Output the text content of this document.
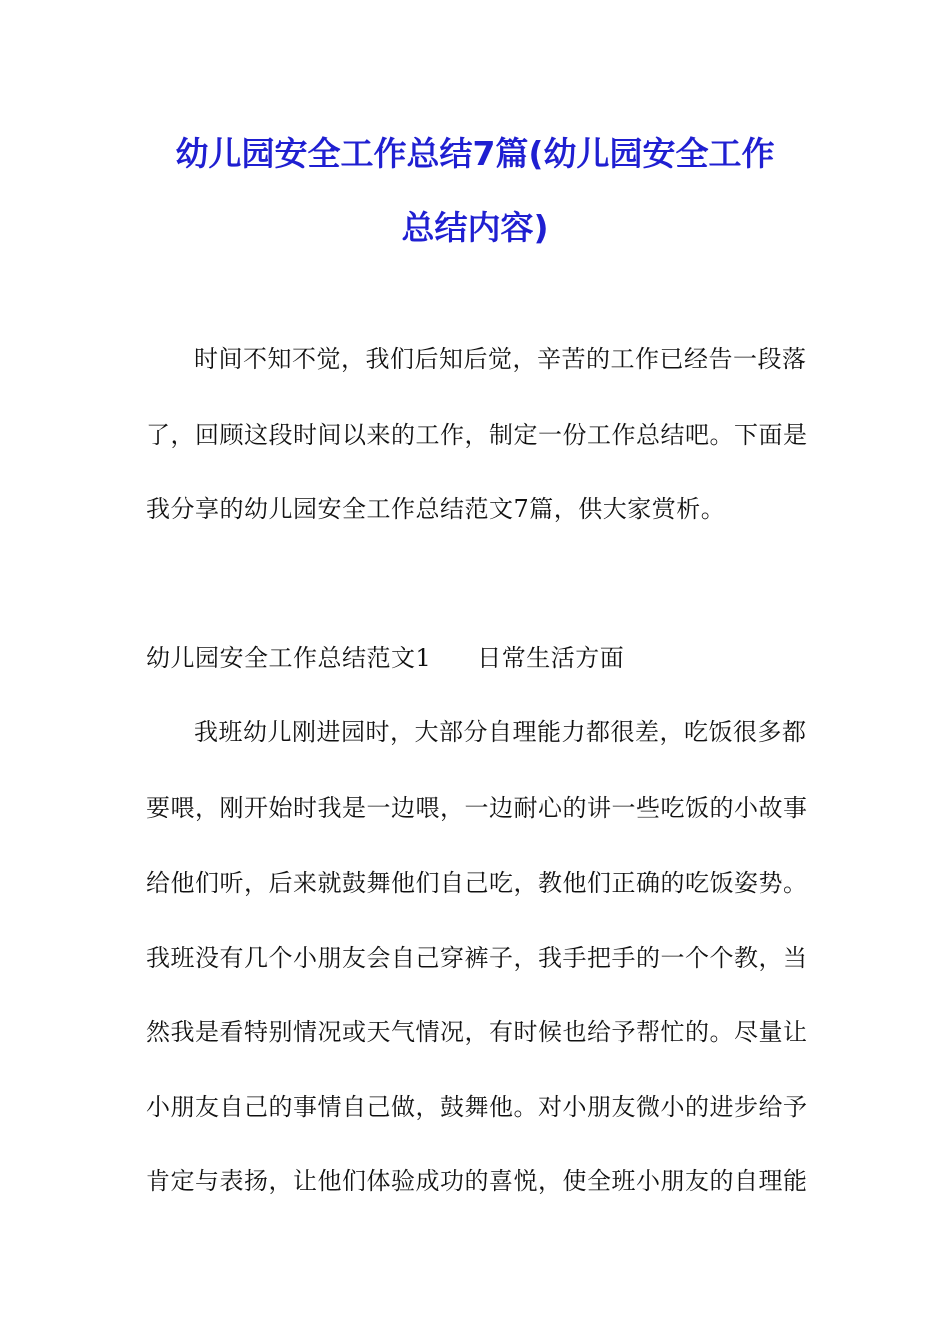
幼儿园安全工作总结7篇(幼儿园安全工作
总结内容)
时间不知不觉，我们后知后觉，辛苦的工作已经告一段落
了，回顾这段时间以来的工作，制定一份工作总结吧。下面是
我分享的幼儿园安全工作总结范文7篇，供大家赏析。
幼儿园安全工作总结范文1 日常生活方面
我班幼儿刚进园时，大部分自理能力都很差，吃饭很多都
要喂，刚开始时我是一边喂，一边耐心的讲一些吃饭的小故事
给他们听，后来就鼓舞他们自己吃，教他们正确的吃饭姿势。
我班没有几个小朋友会自己穿裤子，我手把手的一个个教，当
然我是看特别情况或天气情况，有时候也给予帮忙的。尽量让
小朋友自己的事情自己做，鼓舞他。对小朋友微小的进步给予
肯定与表扬，让他们体验成功的喜悦，使全班小朋友的自理能
